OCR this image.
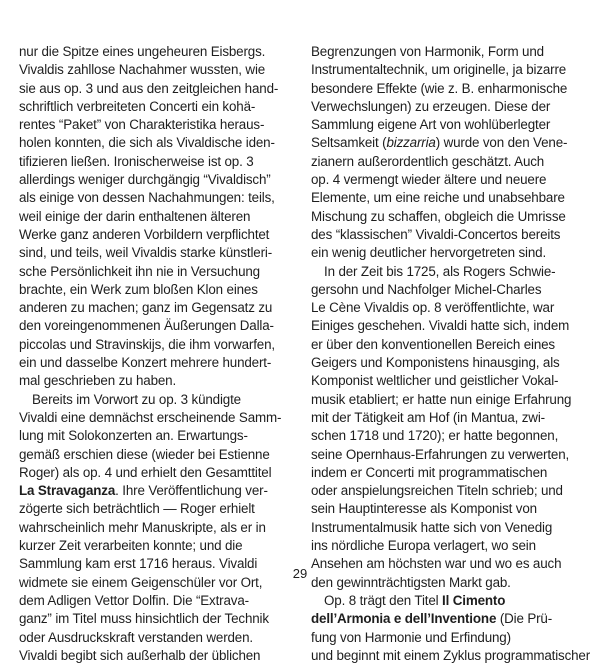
nur die Spitze eines ungeheuren Eisbergs.
Vivaldis zahllose Nachahmer wussten, wie
sie aus op. 3 und aus den zeitgleichen hand-
schriftlich verbreiteten Concerti ein kohä-
rentes “Paket” von Charakteristika heraus-
holen konnten, die sich als Vivaldische iden-
tifizieren ließen. Ironischerweise ist op. 3
allerdings weniger durchgängig “Vivaldisch”
als einige von dessen Nachahmungen: teils,
weil einige der darin enthaltenen älteren
Werke ganz anderen Vorbildern verpflichtet
sind, und teils, weil Vivaldis starke künstleri-
sche Persönlichkeit ihn nie in Versuchung
brachte, ein Werk zum bloßen Klon eines
anderen zu machen; ganz im Gegensatz zu
den voreingenommenen Äußerungen Dalla-
piccolas und Stravinskijs, die ihm vorwarfen,
ein und dasselbe Konzert mehrere hundert-
mal geschrieben zu haben.
Bereits im Vorwort zu op. 3 kündigte
Vivaldi eine demnächst erscheinende Samm-
lung mit Solokonzerten an. Erwartungs-
gemäß erschien diese (wieder bei Estienne
Roger) als op. 4 und erhielt den Gesamttitel
La Stravaganza. Ihre Veröffentlichung ver-
zögerte sich beträchtlich — Roger erhielt
wahrscheinlich mehr Manuskripte, als er in
kurzer Zeit verarbeiten konnte; und die
Sammlung kam erst 1716 heraus. Vivaldi
widmete sie einem Geigenschüler vor Ort,
dem Adligen Vettor Dolfin. Die “Extrava-
ganz” im Titel muss hinsichtlich der Technik
oder Ausdruckskraft verstanden werden.
Vivaldi begibt sich außerhalb der üblichen
Begrenzungen von Harmonik, Form und
Instrumentaltechnik, um originelle, ja bizarre
besondere Effekte (wie z. B. enharmonische
Verwechslungen) zu erzeugen. Diese der
Sammlung eigene Art von wohlüberlegter
Seltsamkeit (bizzarria) wurde von den Vene-
zianern außerordentlich geschätzt. Auch
op. 4 vermengt wieder ältere und neuere
Elemente, um eine reiche und unabsehbare
Mischung zu schaffen, obgleich die Umrisse
des “klassischen” Vivaldi-Concertos bereits
ein wenig deutlicher hervorgetreten sind.
In der Zeit bis 1725, als Rogers Schwie-
gersohn und Nachfolger Michel-Charles
Le Cène Vivaldis op. 8 veröffentlichte, war
Einiges geschehen. Vivaldi hatte sich, indem
er über den konventionellen Bereich eines
Geigers und Komponistens hinausging, als
Komponist weltlicher und geistlicher Vokal-
musik etabliert; er hatte nun einige Erfahrung
mit der Tätigkeit am Hof (in Mantua, zwi-
schen 1718 und 1720); er hatte begonnen,
seine Opernhaus-Erfahrungen zu verwerten,
indem er Concerti mit programmatischen
oder anspielungsreichen Titeln schrieb; und
sein Hauptinteresse als Komponist von
Instrumentalmusik hatte sich von Venedig
ins nördliche Europa verlagert, wo sein
Ansehen am höchsten war und wo es auch
den gewinnträchtigsten Markt gab.
Op. 8 trägt den Titel Il Cimento
dell’Armonia e dell’Inventione (Die Prü-
fung von Harmonie und Erfindung)
und beginnt mit einem Zyklus programmatischer
29
